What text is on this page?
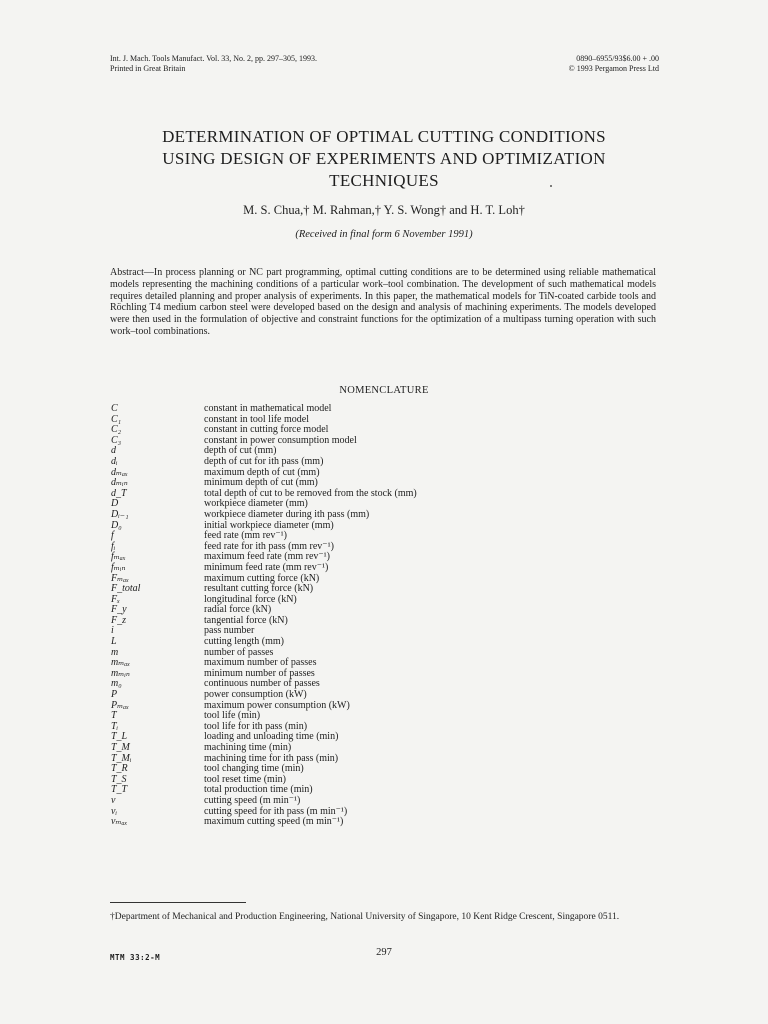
Int. J. Mach. Tools Manufact. Vol. 33, No. 2, pp. 297–305, 1993.
Printed in Great Britain
0890–6955/93$6.00 + .00
© 1993 Pergamon Press Ltd
DETERMINATION OF OPTIMAL CUTTING CONDITIONS
USING DESIGN OF EXPERIMENTS AND OPTIMIZATION
TECHNIQUES
M. S. Chua,† M. Rahman,† Y. S. Wong† and H. T. Loh†
(Received in final form 6 November 1991)

Abstract—In process planning or NC part programming, optimal cutting conditions are to be determined using reliable mathematical models representing the machining conditions of a particular work–tool combination. The development of such mathematical models requires detailed planning and proper analysis of experiments. In this paper, the mathematical models for TiN-coated carbide tools and Röchling T4 medium carbon steel were developed based on the design and analysis of machining experiments. The models developed were then used in the formulation of objective and constraint functions for the optimization of a multipass turning operation with such work–tool combinations.

NOMENCLATURE
C	constant in mathematical model
C₁	constant in tool life model
C₂	constant in cutting force model
C₃	constant in power consumption model
d	depth of cut (mm)
dᵢ	depth of cut for ith pass (mm)
dₘₐₓ	maximum depth of cut (mm)
dₘᵢₙ	minimum depth of cut (mm)
d_T	total depth of cut to be removed from the stock (mm)
D	workpiece diameter (mm)
Dᵢ₋₁	workpiece diameter during ith pass (mm)
D₀	initial workpiece diameter (mm)
f	feed rate (mm rev⁻¹)
fᵢ	feed rate for ith pass (mm rev⁻¹)
fₘₐₓ	maximum feed rate (mm rev⁻¹)
fₘᵢₙ	minimum feed rate (mm rev⁻¹)
Fₘₐₓ	maximum cutting force (kN)
F_total	resultant cutting force (kN)
Fₓ	longitudinal force (kN)
F_y	radial force (kN)
F_z	tangential force (kN)
i	pass number
L	cutting length (mm)
m	number of passes
mₘₐₓ	maximum number of passes
mₘᵢₙ	minimum number of passes
m₀	continuous number of passes
P	power consumption (kW)
Pₘₐₓ	maximum power consumption (kW)
T	tool life (min)
Tᵢ	tool life for ith pass (min)
T_L	loading and unloading time (min)
T_M	machining time (min)
T_Mᵢ	machining time for ith pass (min)
T_R	tool changing time (min)
T_S	tool reset time (min)
T_T	total production time (min)
v	cutting speed (m min⁻¹)
vᵢ	cutting speed for ith pass (m min⁻¹)
vₘₐₓ	maximum cutting speed (m min⁻¹)
†Department of Mechanical and Production Engineering, National University of Singapore, 10 Kent Ridge Crescent, Singapore 0511.
MTM 33:2-M	297
